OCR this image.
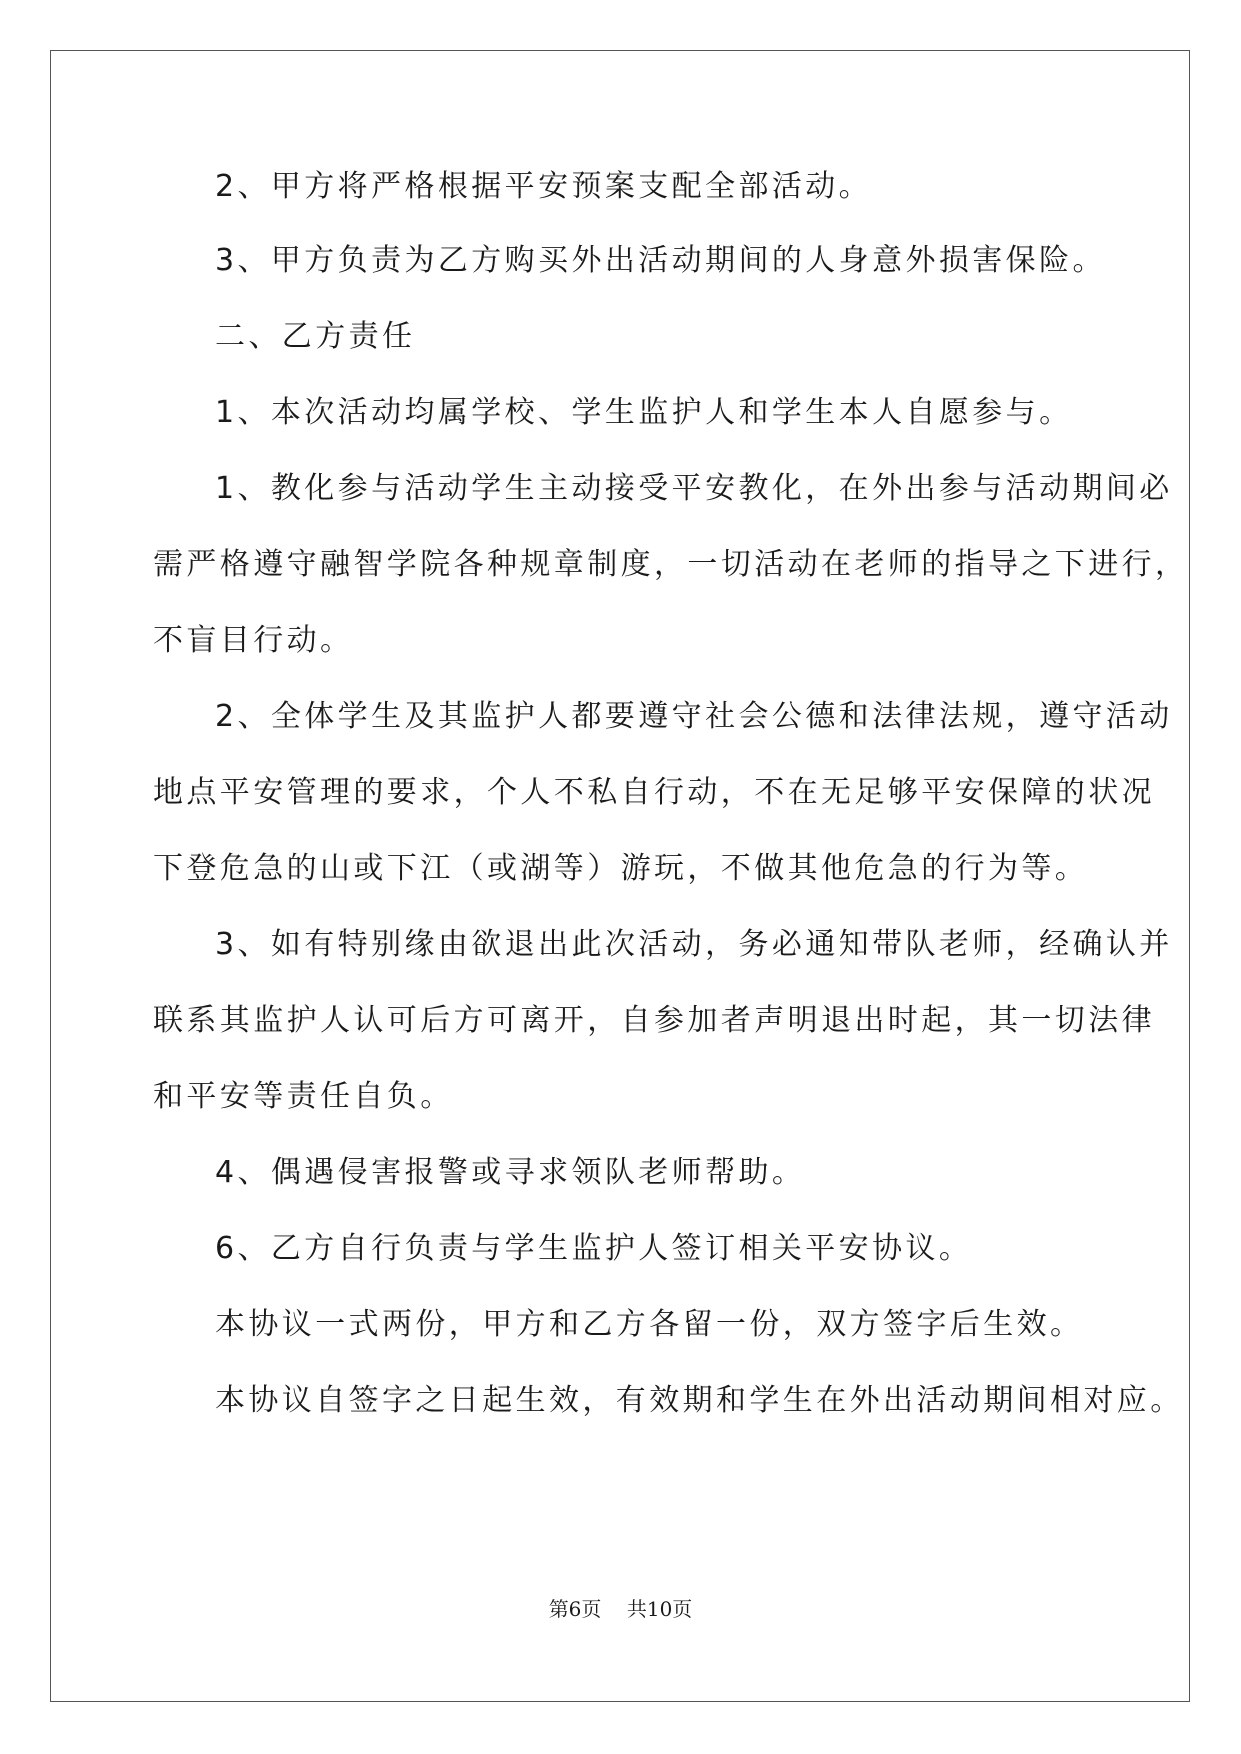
2、甲方将严格根据平安预案支配全部活动。

3、甲方负责为乙方购买外出活动期间的人身意外损害保险。

二、乙方责任

1、本次活动均属学校、学生监护人和学生本人自愿参与。

1、教化参与活动学生主动接受平安教化，在外出参与活动期间必

需严格遵守融智学院各种规章制度，一切活动在老师的指导之下进行，

不盲目行动。

2、全体学生及其监护人都要遵守社会公德和法律法规，遵守活动

地点平安管理的要求，个人不私自行动，不在无足够平安保障的状况

下登危急的山或下江（或湖等）游玩，不做其他危急的行为等。

3、如有特别缘由欲退出此次活动，务必通知带队老师，经确认并

联系其监护人认可后方可离开，自参加者声明退出时起，其一切法律

和平安等责任自负。

4、偶遇侵害报警或寻求领队老师帮助。

6、乙方自行负责与学生监护人签订相关平安协议。

本协议一式两份，甲方和乙方各留一份，双方签字后生效。

本协议自签字之日起生效，有效期和学生在外出活动期间相对应。

第6页    共10页
